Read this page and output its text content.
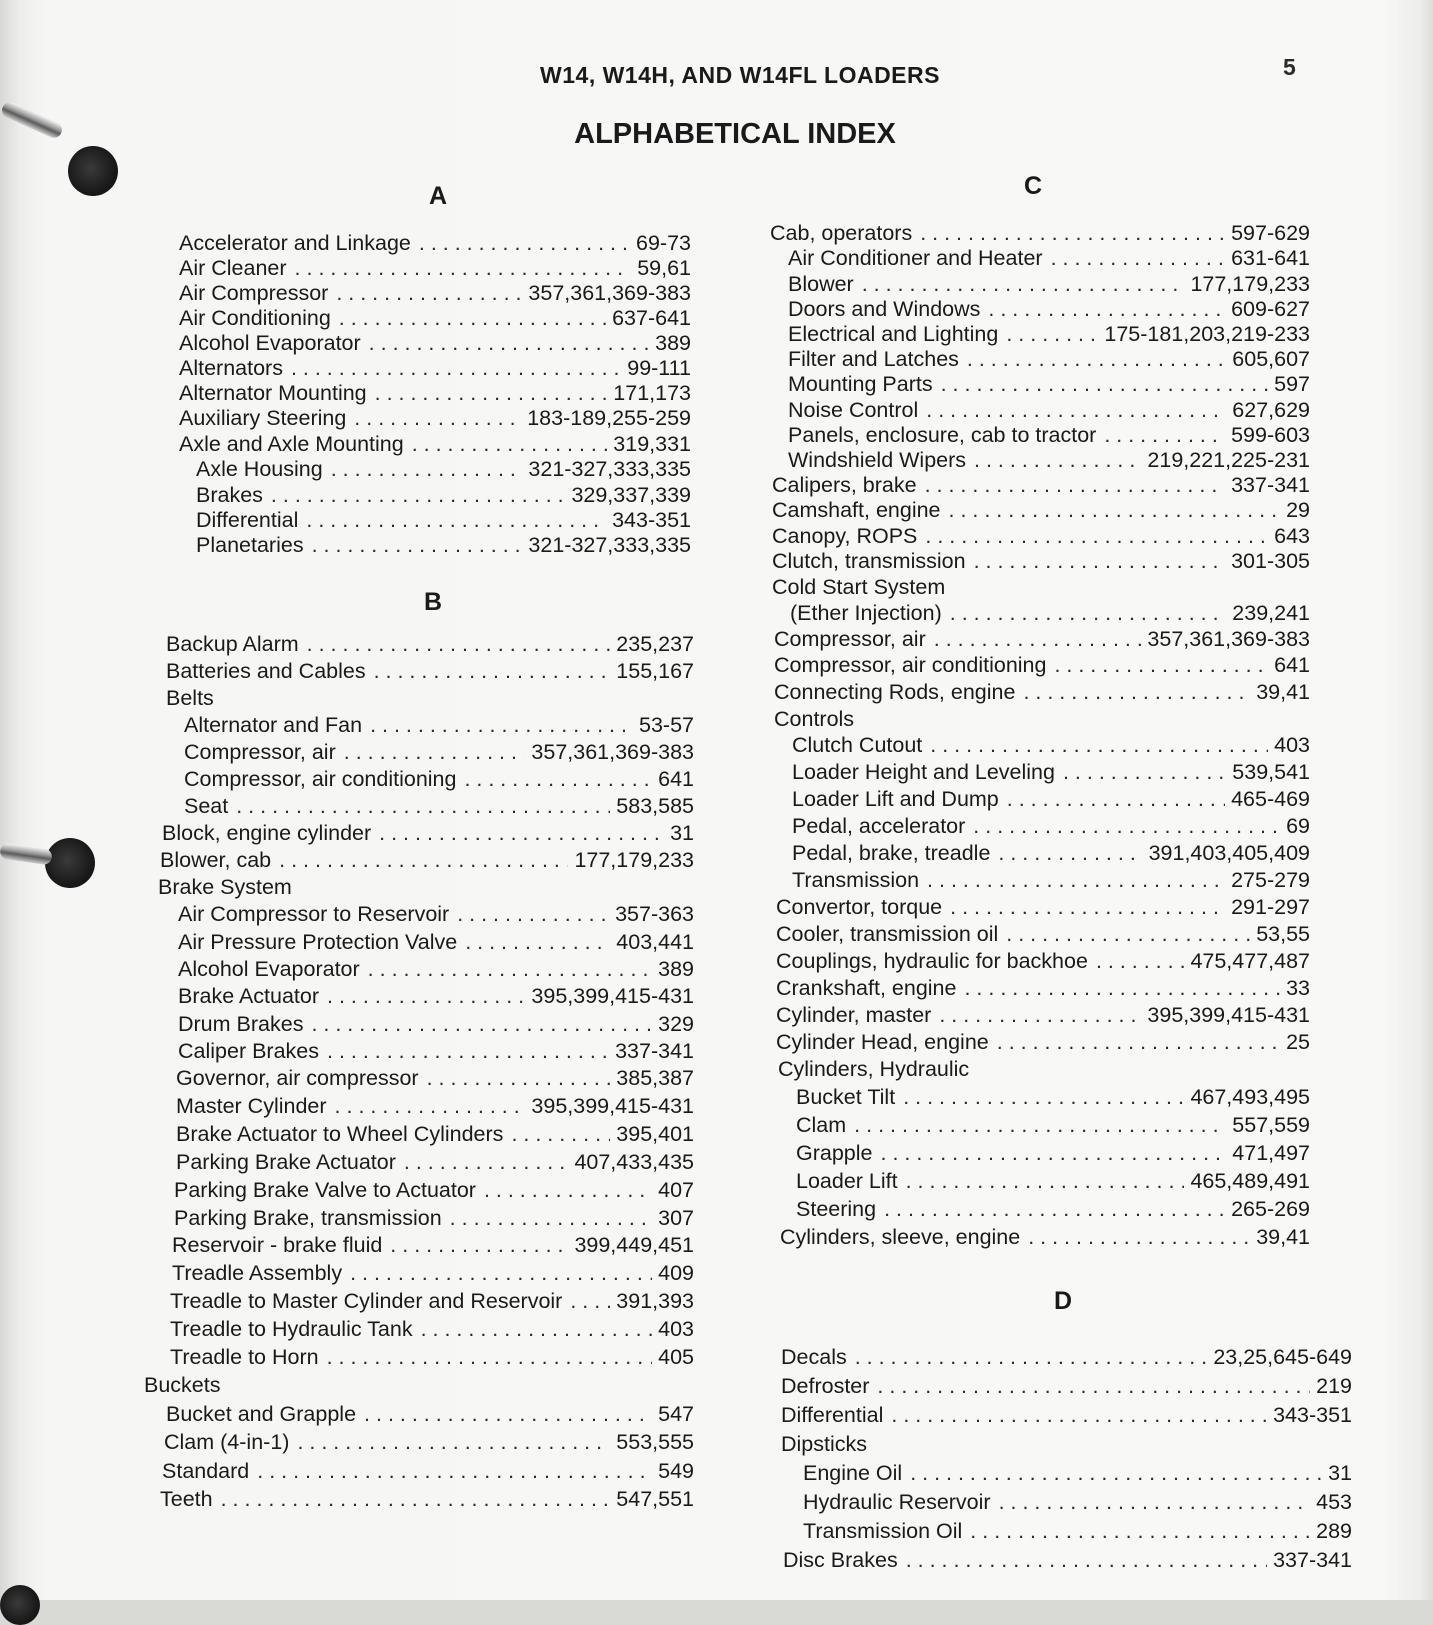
5
W14, W14H, AND W14FL LOADERS
ALPHABETICAL INDEX
A
B
C
D
Accelerator and Linkage . . .	69-73
Air Cleaner . . .	59,61
Air Compressor . . .	357,361,369-383
Air Conditioning . . .	637-641
Alcohol Evaporator . . .	389
Alternators . . .	99-111
Alternator Mounting . . .	171,173
Auxiliary Steering . . .	183-189,255-259
Axle and Axle Mounting . . .	319,331
Axle Housing . . .	321-327,333,335
Brakes . . .	329,337,339
Differential . . .	343-351
Planetaries . . .	321-327,333,335
Backup Alarm . . .	235,237
Batteries and Cables . . .	155,167
Belts
Alternator and Fan . . .	53-57
Compressor, air . . .	357,361,369-383
Compressor, air conditioning . . .	641
Seat . . .	583,585
Block, engine cylinder . . .	31
Blower, cab . . .	177,179,233
Brake System
Air Compressor to Reservoir . . .	357-363
Air Pressure Protection Valve . . .	403,441
Alcohol Evaporator . . .	389
Brake Actuator . . .	395,399,415-431
Drum Brakes . . .	329
Caliper Brakes . . .	337-341
Governor, air compressor . . .	385,387
Master Cylinder . . .	395,399,415-431
Brake Actuator to Wheel Cylinders . . .	395,401
Parking Brake Actuator . . .	407,433,435
Parking Brake Valve to Actuator . . .	407
Parking Brake, transmission . . .	307
Reservoir - brake fluid . . .	399,449,451
Treadle Assembly . . .	409
Treadle to Master Cylinder and Reservoir . . .	391,393
Treadle to Hydraulic Tank . . .	403
Treadle to Horn . . .	405
Buckets
Bucket and Grapple . . .	547
Clam (4-in-1) . . .	553,555
Standard . . .	549
Teeth . . .	547,551
Cab, operators . . .	597-629
Air Conditioner and Heater . . .	631-641
Blower . . .	177,179,233
Doors and Windows . . .	609-627
Electrical and Lighting . . .	175-181,203,219-233
Filter and Latches . . .	605,607
Mounting Parts . . .	597
Noise Control . . .	627,629
Panels, enclosure, cab to tractor . . .	599-603
Windshield Wipers . . .	219,221,225-231
Calipers, brake . . .	337-341
Camshaft, engine . . .	29
Canopy, ROPS . . .	643
Clutch, transmission . . .	301-305
Cold Start System
(Ether Injection) . . .	239,241
Compressor, air . . .	357,361,369-383
Compressor, air conditioning . . .	641
Connecting Rods, engine . . .	39,41
Controls
Clutch Cutout . . .	403
Loader Height and Leveling . . .	539,541
Loader Lift and Dump . . .	465-469
Pedal, accelerator . . .	69
Pedal, brake, treadle . . .	391,403,405,409
Transmission . . .	275-279
Convertor, torque . . .	291-297
Cooler, transmission oil . . .	53,55
Couplings, hydraulic for backhoe . . .	475,477,487
Crankshaft, engine . . .	33
Cylinder, master . . .	395,399,415-431
Cylinder Head, engine . . .	25
Cylinders, Hydraulic
Bucket Tilt . . .	467,493,495
Clam . . .	557,559
Grapple . . .	471,497
Loader Lift . . .	465,489,491
Steering . . .	265-269
Cylinders, sleeve, engine . . .	39,41
Decals . . .	23,25,645-649
Defroster . . .	219
Differential . . .	343-351
Dipsticks
Engine Oil . . .	31
Hydraulic Reservoir . . .	453
Transmission Oil . . .	289
Disc Brakes . . .	337-341
